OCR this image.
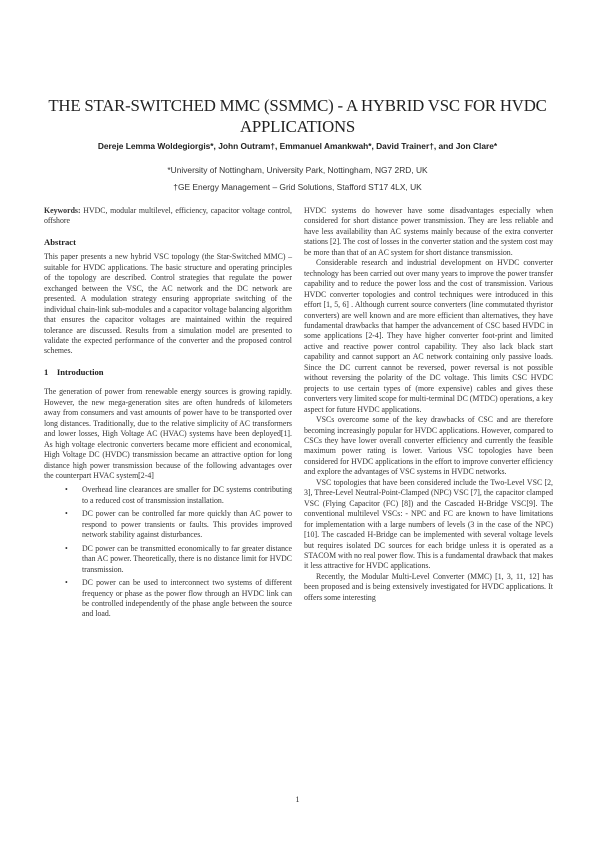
THE STAR-SWITCHED MMC (SSMMC) - A HYBRID VSC FOR HVDC APPLICATIONS
Dereje Lemma Woldegiorgis*, John Outram†, Emmanuel Amankwah*, David Trainer†, and Jon Clare*
*University of Nottingham, University Park, Nottingham, NG7 2RD, UK
†GE Energy Management – Grid Solutions, Stafford ST17 4LX, UK

Keywords: HVDC, modular multilevel, efficiency, capacitor voltage control, offshore

Abstract

This paper presents a new hybrid VSC topology (the Star-Switched MMC) – suitable for HVDC applications. The basic structure and operating principles of the topology are described. Control strategies that regulate the power exchanged between the VSC, the AC network and the DC network are presented. A modulation strategy ensuring appropriate switching of the individual chain-link sub-modules and a capacitor voltage balancing algorithm that ensures the capacitor voltages are maintained within the required tolerance are discussed. Results from a simulation model are presented to validate the expected performance of the converter and the proposed control schemes.

1    Introduction

The generation of power from renewable energy sources is growing rapidly. However, the new mega-generation sites are often hundreds of kilometers away from consumers and vast amounts of power have to be transported over long distances. Traditionally, due to the relative simplicity of AC transformers and lower losses, High Voltage AC (HVAC) systems have been deployed[1]. As high voltage electronic converters became more efficient and economical, High Voltage DC (HVDC) transmission became an attractive option for long distance high power transmission because of the following advantages over the counterpart HVAC system[2-4]

• Overhead line clearances are smaller for DC systems contributing to a reduced cost of transmission installation.
• DC power can be controlled far more quickly than AC power to respond to power transients or faults. This provides improved network stability against disturbances.
• DC power can be transmitted economically to far greater distance than AC power. Theoretically, there is no distance limit for HVDC transmission.
• DC power can be used to interconnect two systems of different frequency or phase as the power flow through an HVDC link can be controlled independently of the phase angle between the source and load.

HVDC systems do however have some disadvantages especially when considered for short distance power transmission. They are less reliable and have less availability than AC systems mainly because of the extra converter stations [2]. The cost of losses in the converter station and the system cost may be more than that of an AC system for short distance transmission.

Considerable research and industrial development on HVDC converter technology has been carried out over many years to improve the power transfer capability and to reduce the power loss and the cost of transmission. Various HVDC converter topologies and control techniques were introduced in this effort [1, 5, 6] . Although current source converters (line commutated thyristor converters) are well known and are more efficient than alternatives, they have fundamental drawbacks that hamper the advancement of CSC based HVDC in some applications [2-4]. They have higher converter foot-print and limited active and reactive power control capability. They also lack black start capability and cannot support an AC network containing only passive loads. Since the DC current cannot be reversed, power reversal is not possible without reversing the polarity of the DC voltage. This limits CSC HVDC projects to use certain types of (more expensive) cables and gives these converters very limited scope for multi-terminal DC (MTDC) operations, a key aspect for future HVDC applications.

VSCs overcome some of the key drawbacks of CSC and are therefore becoming increasingly popular for HVDC applications. However, compared to CSCs they have lower overall converter efficiency and currently the feasible maximum power rating is lower. Various VSC topologies have been considered for HVDC applications in the effort to improve converter efficiency and explore the advantages of VSC systems in HVDC networks.

VSC topologies that have been considered include the Two-Level VSC [2, 3], Three-Level Neutral-Point-Clamped (NPC) VSC [7], the capacitor clamped VSC (Flying Capacitor (FC) [8]) and the Cascaded H-Bridge VSC[9]. The conventional multilevel VSCs: - NPC and FC are known to have limitations for implementation with a large numbers of levels (3 in the case of the NPC) [10]. The cascaded H-Bridge can be implemented with several voltage levels but requires isolated DC sources for each bridge unless it is operated as a STACOM with no real power flow. This is a fundamental drawback that makes it less attractive for HVDC applications.

Recently, the Modular Multi-Level Converter (MMC) [1, 3, 11, 12] has been proposed and is being extensively investigated for HVDC applications. It offers some interesting

1
